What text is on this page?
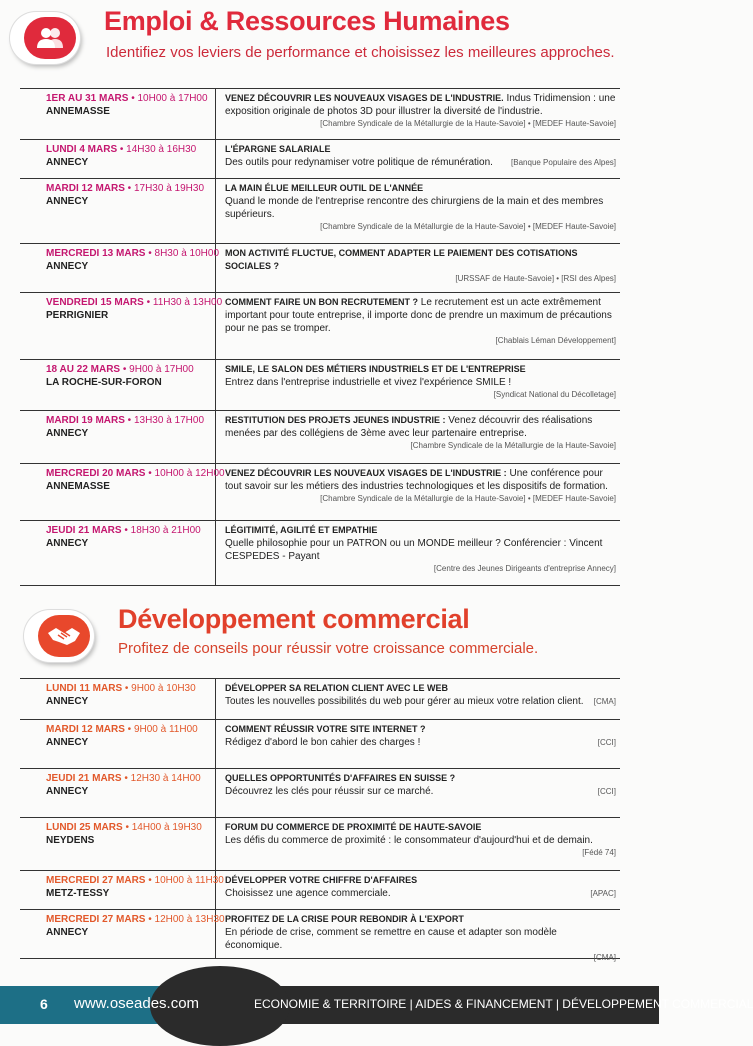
Emploi & Ressources Humaines
Identifiez vos leviers de performance et choisissez les meilleures approches.
1ER AU 31 MARS • 10H00 à 17H00
ANNEMASSE
VENEZ DÉCOUVRIR LES NOUVEAUX VISAGES DE L'INDUSTRIE. Indus Tridimension : une exposition originale de photos 3D pour illustrer la diversité de l'industrie.
[Chambre Syndicale de la Métallurgie de la Haute-Savoie] • [MEDEF Haute-Savoie]
LUNDI 4 MARS • 14H30 à 16H30
ANNECY
L'ÉPARGNE SALARIALE
Des outils pour redynamiser votre politique de rémunération. [Banque Populaire des Alpes]
MARDI 12 MARS • 17H30 à 19H30
ANNECY
LA MAIN ÉLUE MEILLEUR OUTIL DE L'ANNÉE
Quand le monde de l'entreprise rencontre des chirurgiens de la main et des membres supérieurs.
[Chambre Syndicale de la Métallurgie de la Haute-Savoie] • [MEDEF Haute-Savoie]
MERCREDI 13 MARS • 8H30 à 10H00
ANNECY
MON ACTIVITÉ FLUCTUE, COMMENT ADAPTER LE PAIEMENT DES COTISATIONS SOCIALES ?
[URSSAF de Haute-Savoie] • [RSI des Alpes]
VENDREDI 15 MARS • 11H30 à 13H00
PERRIGNIER
COMMENT FAIRE UN BON RECRUTEMENT ? Le recrutement est un acte extrêmement important pour toute entreprise, il importe donc de prendre un maximum de précautions pour ne pas se tromper.
[Chablais Léman Développement]
18 AU 22 MARS • 9H00 à 17H00
LA ROCHE-SUR-FORON
SMILE, LE SALON DES MÉTIERS INDUSTRIELS ET DE L'ENTREPRISE
Entrez dans l'entreprise industrielle et vivez l'expérience SMILE !
[Syndicat National du Décolletage]
MARDI 19 MARS • 13H30 à 17H00
ANNECY
RESTITUTION DES PROJETS JEUNES INDUSTRIE : Venez découvrir des réalisations menées par des collégiens de 3ème avec leur partenaire entreprise.
[Chambre Syndicale de la Métallurgie de la Haute-Savoie]
MERCREDI 20 MARS • 10H00 à 12H00
ANNEMASSE
VENEZ DÉCOUVRIR LES NOUVEAUX VISAGES DE L'INDUSTRIE : Une conférence pour tout savoir sur les métiers des industries technologiques et les dispositifs de formation.
[Chambre Syndicale de la Métallurgie de la Haute-Savoie] • [MEDEF Haute-Savoie]
JEUDI 21 MARS • 18H30 à 21H00
ANNECY
LÉGITIMITÉ, AGILITÉ ET EMPATHIE
Quelle philosophie pour un PATRON ou un MONDE meilleur ? Conférencier : Vincent CESPEDES - Payant
[Centre des Jeunes Dirigeants d'entreprise Annecy]
Développement commercial
Profitez de conseils pour réussir votre croissance commerciale.
LUNDI 11 MARS • 9H00 à 10H30
ANNECY
DÉVELOPPER SA RELATION CLIENT AVEC LE WEB
Toutes les nouvelles possibilités du web pour gérer au mieux votre relation client. [CMA]
MARDI 12 MARS • 9H00 à 11H00
ANNECY
COMMENT RÉUSSIR VOTRE SITE INTERNET ?
Rédigez d'abord le bon cahier des charges !	[CCI]
JEUDI 21 MARS • 12H30 à 14H00
ANNECY
QUELLES OPPORTUNITÉS D'AFFAIRES EN SUISSE ?
Découvrez les clés pour réussir sur ce marché.	[CCI]
LUNDI 25 MARS • 14H00 à 19H30
NEYDENS
FORUM DU COMMERCE DE PROXIMITÉ DE HAUTE-SAVOIE
Les défis du commerce de proximité : le consommateur d'aujourd'hui et de demain.
[Fédé 74]
MERCREDI 27 MARS • 10H00 à 11H30
METZ-TESSY
DÉVELOPPER VOTRE CHIFFRE D'AFFAIRES
Choisissez une agence commerciale.	[APAC]
MERCREDI 27 MARS • 12H00 à 13H30
ANNECY
PROFITEZ DE LA CRISE POUR REBONDIR À L'EXPORT
En période de crise, comment se remettre en cause et adapter son modèle économique.
[CMA]
6 www.oseades.com	ECONOMIE & TERRITOIRE | AIDES & FINANCEMENT | DÉVELOPPEMENT COMMERCIAL
